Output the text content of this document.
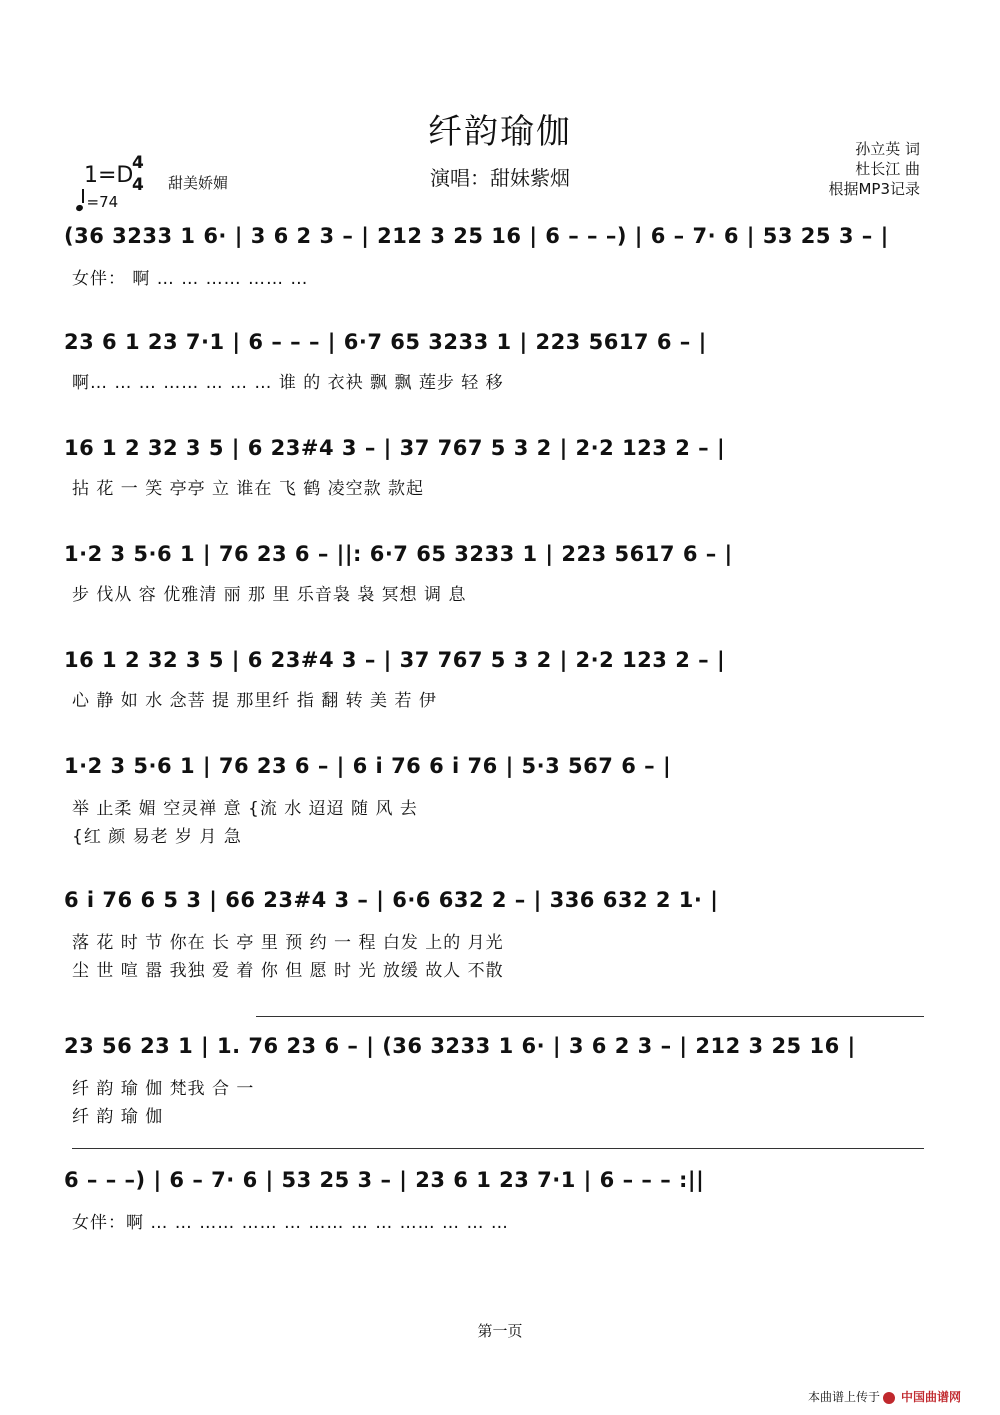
纤韵瑜伽
演唱：甜妹紫烟
孙立英 词
杜长江 曲
根据MP3记录
1=D
4
4 甜美娇媚
=74
(36 3233 1 6· | 3 6 2 3 – | 212 3 25 16 | 6 – – –) | 6 – 7· 6 | 53 25 3 – |
女伴： 啊 … … …… …… …
23 6 1 23 7·1 | 6 – – – | 6·7 65 3233 1 | 223 5617 6 – |
啊… … … …… … … … 谁 的 衣袂 飘 飘 莲步 轻 移
16 1 2 32 3 5 | 6 23#4 3 – | 37 767 5 3 2 | 2·2 123 2 – |
拈 花 一 笑 亭亭 立 谁在 飞 鹤 凌空款 款起
1·2 3 5·6 1 | 76 23 6 – ||: 6·7 65 3233 1 | 223 5617 6 – |
步 伐从 容 优雅清 丽 那 里 乐音袅 袅 冥想 调 息
16 1 2 32 3 5 | 6 23#4 3 – | 37 767 5 3 2 | 2·2 123 2 – |
心 静 如 水 念菩 提 那里纤 指 翻 转 美 若 伊
1·2 3 5·6 1 | 76 23 6 – | 6 i 76 6 i 76 | 5·3 567 6 – |
举 止柔 媚 空灵禅 意 {流 水 迢迢 随 风 去
{红 颜 易老 岁 月 急
6 i 76 6 5 3 | 66 23#4 3 – | 6·6 632 2 – | 336 632 2 1· |
落 花 时 节 你在 长 亭 里 预 约 一 程 白发 上的 月光
尘 世 喧 嚣 我独 爱 着 你 但 愿 时 光 放缓 故人 不散
23 56 23 1 | 1. 76 23 6 – | (36 3233 1 6· | 3 6 2 3 – | 212 3 25 16 |
纤 韵 瑜 伽 梵我 合 一
纤 韵 瑜 伽
6 – – –) | 6 – 7· 6 | 53 25 3 – | 23 6 1 23 7·1 | 6 – – – :||
女伴：啊 … … …… …… … …… … … …… … … …
第一页
本曲谱上传于 中国曲谱网
